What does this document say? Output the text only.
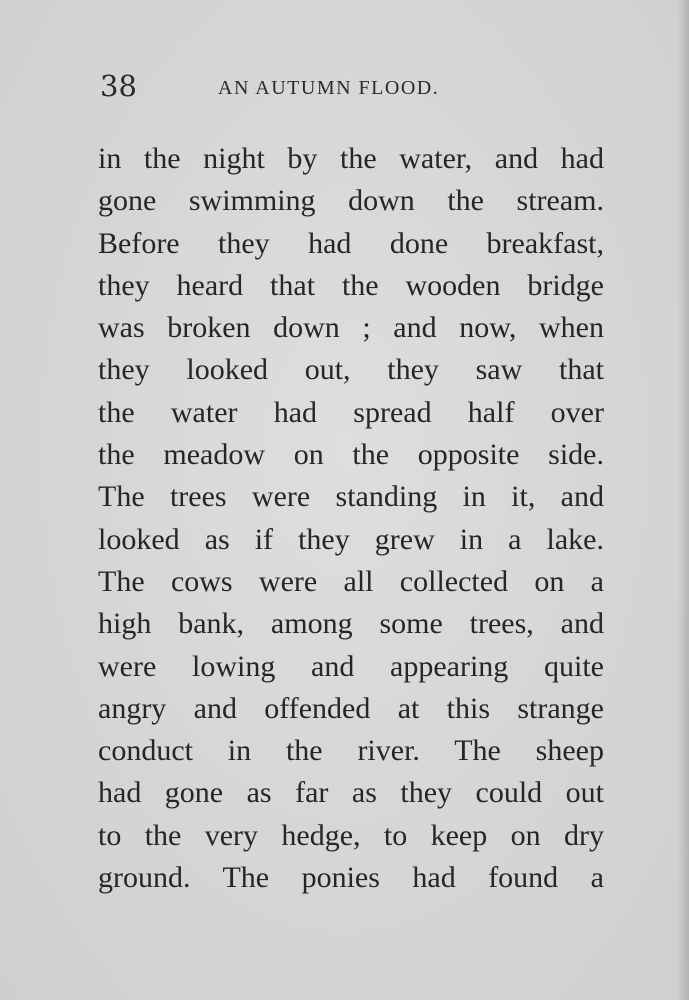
38	AN AUTUMN FLOOD.
in the night by the water, and had
gone swimming down the stream.
Before they had done breakfast,
they heard that the wooden bridge
was broken down ; and now, when
they looked out, they saw that
the water had spread half over
the meadow on the opposite side.
The trees were standing in it, and
looked as if they grew in a lake.
The cows were all collected on a
high bank, among some trees, and
were lowing and appearing quite
angry and offended at this strange
conduct in the river. The sheep
had gone as far as they could out
to the very hedge, to keep on dry
ground. The ponies had found a
